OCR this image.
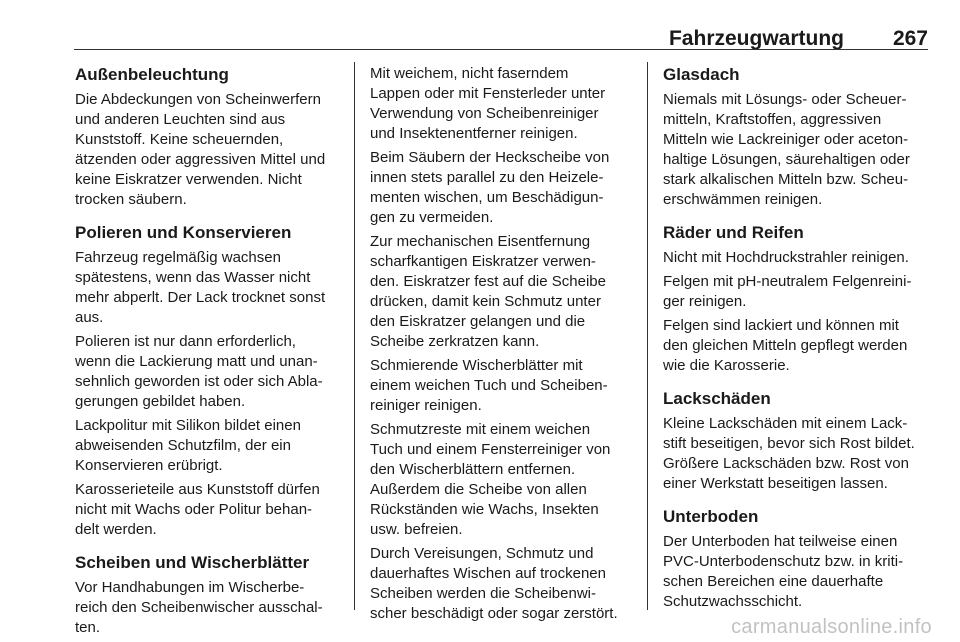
Fahrzeugwartung	267
Außenbeleuchtung

Die Abdeckungen von Scheinwerfern
und anderen Leuchten sind aus
Kunststoff. Keine scheuernden,
ätzenden oder aggressiven Mittel und
keine Eiskratzer verwenden. Nicht
trocken säubern.

Polieren und Konservieren

Fahrzeug regelmäßig wachsen
spätestens, wenn das Wasser nicht
mehr abperlt. Der Lack trocknet sonst
aus.

Polieren ist nur dann erforderlich,
wenn die Lackierung matt und unan-
sehnlich geworden ist oder sich Abla-
gerungen gebildet haben.

Lackpolitur mit Silikon bildet einen
abweisenden Schutzfilm, der ein
Konservieren erübrigt.

Karosserieteile aus Kunststoff dürfen
nicht mit Wachs oder Politur behan-
delt werden.

Scheiben und Wischerblätter

Vor Handhabungen im Wischerbe-
reich den Scheibenwischer ausschal-
ten.

Mit weichem, nicht faserndem
Lappen oder mit Fensterleder unter
Verwendung von Scheibenreiniger
und Insektenentferner reinigen.

Beim Säubern der Heckscheibe von
innen stets parallel zu den Heizele-
menten wischen, um Beschädigun-
gen zu vermeiden.

Zur mechanischen Eisentfernung
scharfkantigen Eiskratzer verwen-
den. Eiskratzer fest auf die Scheibe
drücken, damit kein Schmutz unter
den Eiskratzer gelangen und die
Scheibe zerkratzen kann.

Schmierende Wischerblätter mit
einem weichen Tuch und Scheiben-
reiniger reinigen.

Schmutzreste mit einem weichen
Tuch und einem Fensterreiniger von
den Wischerblättern entfernen.
Außerdem die Scheibe von allen
Rückständen wie Wachs, Insekten
usw. befreien.

Durch Vereisungen, Schmutz und
dauerhaftes Wischen auf trockenen
Scheiben werden die Scheibenwi-
scher beschädigt oder sogar zerstört.

Glasdach

Niemals mit Lösungs- oder Scheuer-
mitteln, Kraftstoffen, aggressiven
Mitteln wie Lackreiniger oder aceton-
haltige Lösungen, säurehaltigen oder
stark alkalischen Mitteln bzw. Scheu-
erschwämmen reinigen.

Räder und Reifen

Nicht mit Hochdruckstrahler reinigen.

Felgen mit pH-neutralem Felgenreini-
ger reinigen.

Felgen sind lackiert und können mit
den gleichen Mitteln gepflegt werden
wie die Karosserie.

Lackschäden

Kleine Lackschäden mit einem Lack-
stift beseitigen, bevor sich Rost bildet.
Größere Lackschäden bzw. Rost von
einer Werkstatt beseitigen lassen.

Unterboden

Der Unterboden hat teilweise einen
PVC-Unterbodenschutz bzw. in kriti-
schen Bereichen eine dauerhafte
Schutzwachsschicht.

carmanualsonline.info
